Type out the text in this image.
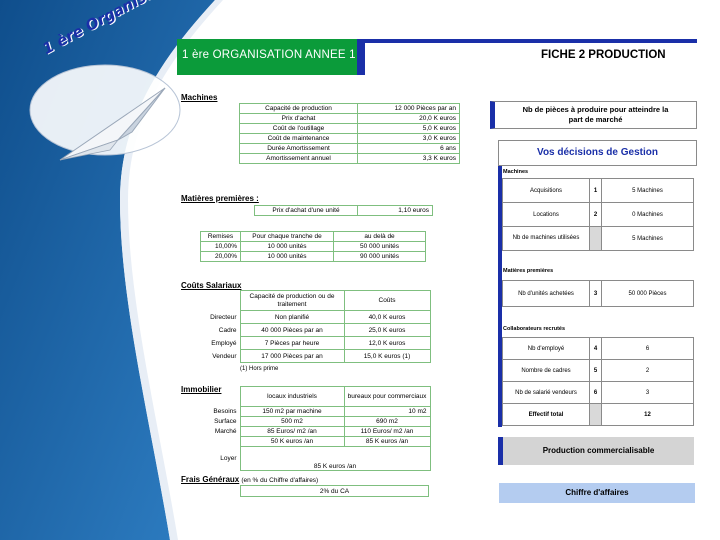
1 ère ORGANISATION ANNEE 1	FICHE 2 PRODUCTION
Machines
Capacité de production	12 000 Pièces par an
Prix d'achat	20,0 K euros
Coût de l'outillage	5,0 K euros
Coût de maintenance	3,0 K euros
Durée Amortissement	6 ans
Amortissement annuel	3,3 K euros
Matières premières :
Prix d'achat d'une unité	1,10 euros
Remises	Pour chaque tranche de	au delà de
10,00%	10 000 unités	50 000 unités
20,00%	10 000 unités	90 000 unités
Coûts Salariaux
	Capacité de production ou de traitement	Coûts
Directeur	Non planifié	40,0 K euros
Cadre	40 000 Pièces par an	25,0 K euros
Employé	7 Pièces par heure	12,0 K euros
Vendeur	17 000 Pièces par an	15,0 K euros (1)
(1) Hors prime
Immobilier
	locaux industriels	bureaux pour commerciaux
Besoins	150 m2 par machine	10 m2
Surface	500 m2	690 m2
Marché	85 Euros/ m2 /an	110 Euros/ m2 /an
	50 K euros /an	85 K euros /an
Loyer	85 K euros /an	
Frais Généraux (en % du Chiffre d'affaires)
2% du CA
Nb de pièces à produire pour atteindre la
part de marché
Vos décisions de Gestion
Machines
Acquisitions	1	5 Machines
Locations	2	0 Machines
Nb de machines utilisées		5 Machines
Matières premières
Nb d'unités achetées	3	50 000 Pièces
Collaborateurs recrutés
Nb d'employé	4	6
Nombre de cadres	5	2
Nb de salarié vendeurs	6	3
Effectif total		12
Production commercialisable
Chiffre d'affaires
